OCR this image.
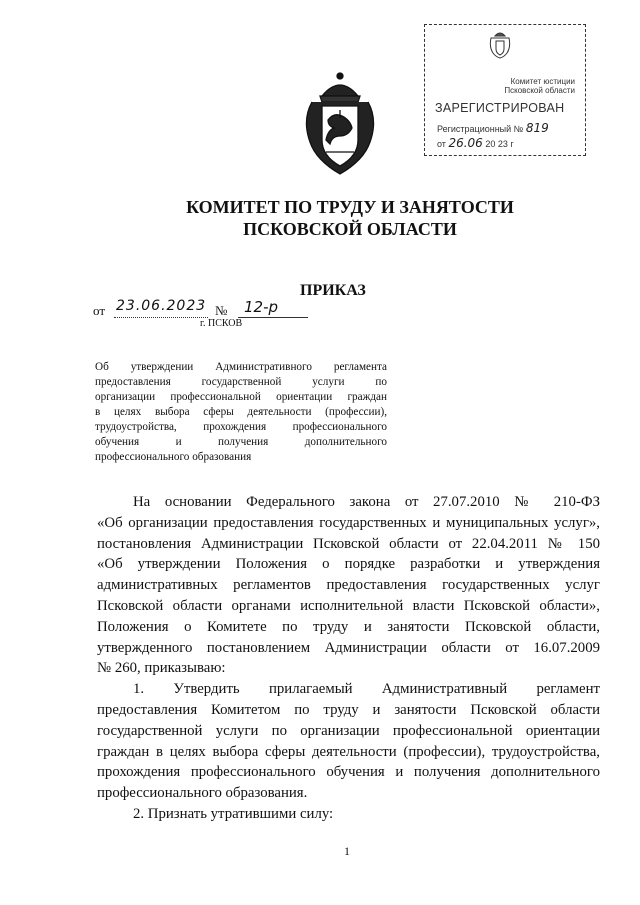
Комитет юстиции
Псковской области
ЗАРЕГИСТРИРОВАН
Регистрационный № 819
от 26.06 20 23 г
КОМИТЕТ ПО ТРУДУ И ЗАНЯТОСТИ
ПСКОВСКОЙ ОБЛАСТИ
ПРИКАЗ
от 23.06.2023 № 12-р
г. ПСКОВ
Об утверждении Административного регламента
предоставления государственной услуги по
организации профессиональной ориентации граждан
в целях выбора сферы деятельности (профессии),
трудоустройства, прохождения профессионального
обучения и получения дополнительного
профессионального образования
На основании Федерального закона от 27.07.2010 № 210-ФЗ
«Об организации предоставления государственных и муниципальных услуг»,
постановления Администрации Псковской области от 22.04.2011 № 150
«Об утверждении Положения о порядке разработки и утверждения
административных регламентов предоставления государственных услуг
Псковской области органами исполнительной власти Псковской области»,
Положения о Комитете по труду и занятости Псковской области,
утвержденного постановлением Администрации области от 16.07.2009
№ 260, приказываю:
1. Утвердить прилагаемый Административный регламент
предоставления Комитетом по труду и занятости Псковской области
государственной услуги по организации профессиональной ориентации
граждан в целях выбора сферы деятельности (профессии), трудоустройства,
прохождения профессионального обучения и получения дополнительного
профессионального образования.
2. Признать утратившими силу:
1
